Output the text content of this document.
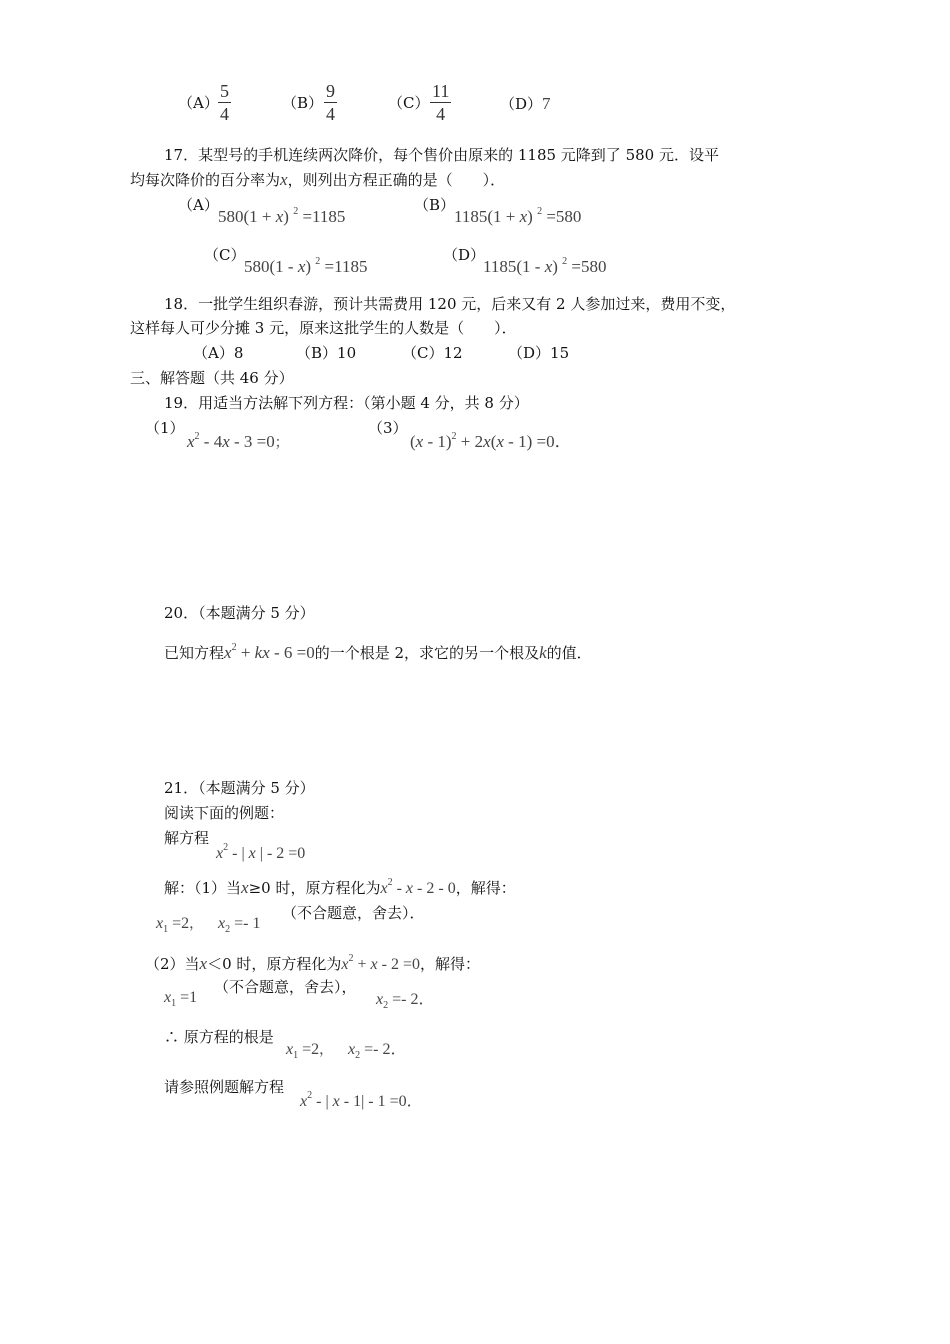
$(A) \frac{5}{4}$	$(B) \frac{9}{4}$	$(C) \frac{11}{4}$	（D）7
17．某型号的手机连续两次降价，每个售价由原来的 1185 元降到了 580 元．设平
均每次降价的百分率为x，则列出方程正确的是（　　）．
（A）
580(1 + x) $^2$ =1185
（B）
1185(1 + x) $^2$ =580
（C）
580(1 - x) $^2$ =1185
（D）
1185(1 - x) $^2$ =580
18．一批学生组织春游，预计共需费用 120 元，后来又有 2 人参加过来，费用不变，
这样每人可少分摊 3 元，原来这批学生的人数是（　　）．
（A）8	（B）10	（C）12	（D）15
三、解答题（共 46 分）
19．用适当方法解下列方程：（第小题 4 分，共 8 分）
（1）
$x^2 - 4x - 3 =0$；
（3）
(x - 1)$^2$ + 2x(x - 1) =0．
20．（本题满分 5 分）
已知方程$x^2$ + kx - 6 =0的一个根是 2，求它的另一个根及k的值．
21．（本题满分 5 分）
阅读下面的例题：
解方程
$x^2$ - | x | - 2 =0
解：（1）当x≥0 时，原方程化为$x^2$ - x - 2 - 0，解得：
$x_1 =2$， $x_2 =- 1$
（不合题意，舍去）．
（2）当x＜0 时，原方程化为$x^2 + x - 2 =0$，解得：
$x_1 =1$
（不合题意，舍去），
$x_2 =- 2$．
∴ 原方程的根是
$x_1 =2$， $x_2 =- 2$．
请参照例题解方程
$x^2$ - | x - 1| - 1 =0．
